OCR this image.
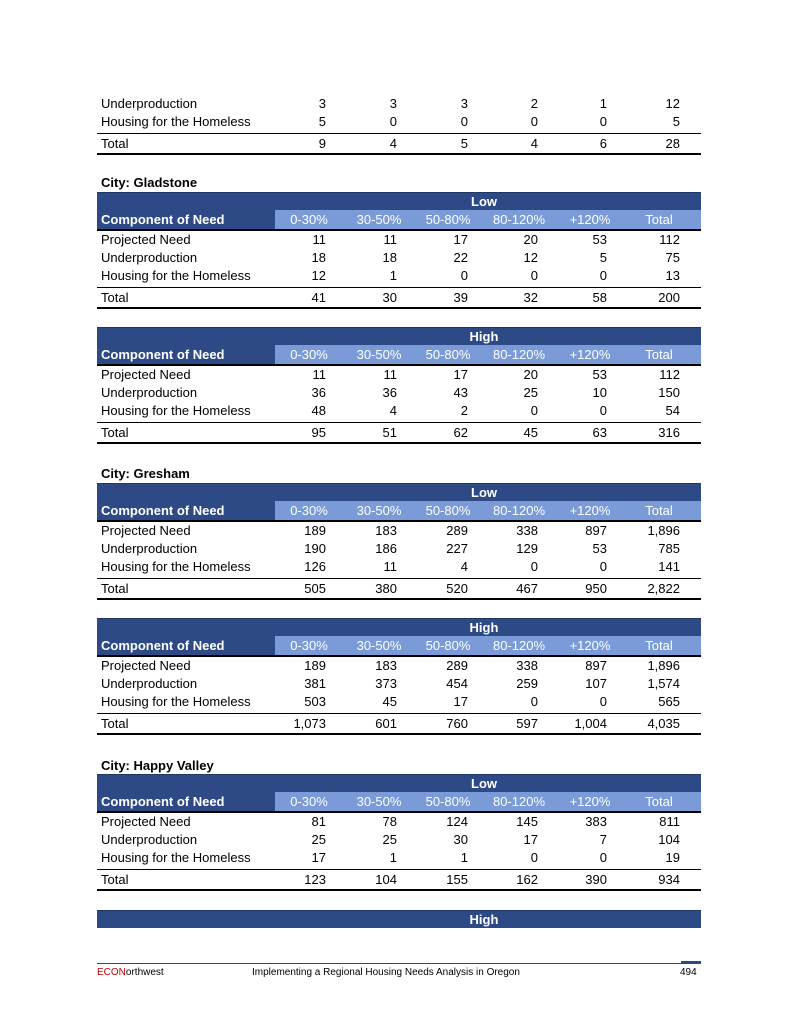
Underproduction	3	3	3	2	1	12
Housing for the Homeless	5	0	0	0	0	5
Total	9	4	5	4	6	28
City: Gladstone
Low
Component of Need	0-30%	30-50%	50-80%	80-120%	+120%	Total
Projected Need	11	11	17	20	53	112
Underproduction	18	18	22	12	5	75
Housing for the Homeless	12	1	0	0	0	13
Total	41	30	39	32	58	200
High
Component of Need	0-30%	30-50%	50-80%	80-120%	+120%	Total
Projected Need	11	11	17	20	53	112
Underproduction	36	36	43	25	10	150
Housing for the Homeless	48	4	2	0	0	54
Total	95	51	62	45	63	316
City: Gresham
Low
Component of Need	0-30%	30-50%	50-80%	80-120%	+120%	Total
Projected Need	189	183	289	338	897	1,896
Underproduction	190	186	227	129	53	785
Housing for the Homeless	126	11	4	0	0	141
Total	505	380	520	467	950	2,822
High
Component of Need	0-30%	30-50%	50-80%	80-120%	+120%	Total
Projected Need	189	183	289	338	897	1,896
Underproduction	381	373	454	259	107	1,574
Housing for the Homeless	503	45	17	0	0	565
Total	1,073	601	760	597	1,004	4,035
City: Happy Valley
Low
Component of Need	0-30%	30-50%	50-80%	80-120%	+120%	Total
Projected Need	81	78	124	145	383	811
Underproduction	25	25	30	17	7	104
Housing for the Homeless	17	1	1	0	0	19
Total	123	104	155	162	390	934
High
ECONorthwest	Implementing a Regional Housing Needs Analysis in Oregon	494
